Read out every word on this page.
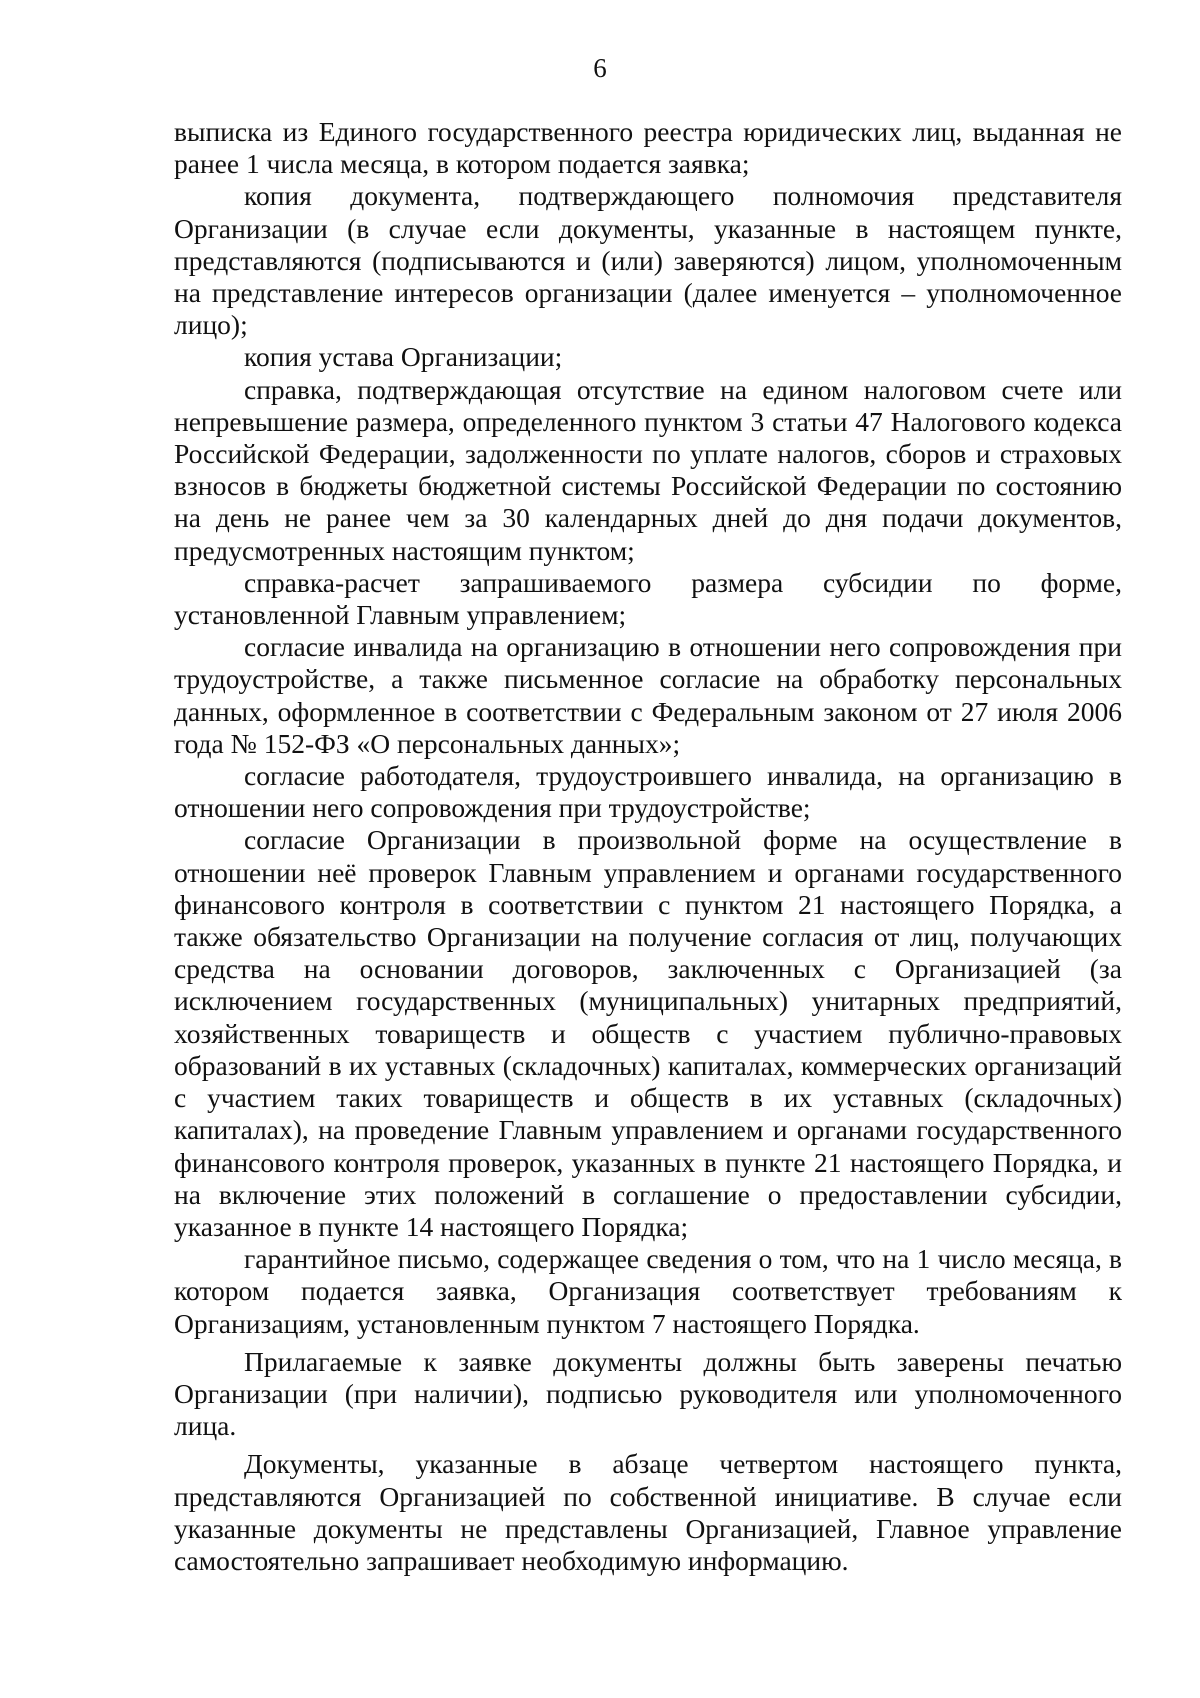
6

выписка из Единого государственного реестра юридических лиц, выданная не ранее 1 числа месяца, в котором подается заявка;

копия документа, подтверждающего полномочия представителя Организации (в случае если документы, указанные в настоящем пункте, представляются (подписываются и (или) заверяются) лицом, уполномоченным на представление интересов организации (далее именуется – уполномоченное лицо);

копия устава Организации;

справка, подтверждающая отсутствие на едином налоговом счете или непревышение размера, определенного пунктом 3 статьи 47 Налогового кодекса Российской Федерации, задолженности по уплате налогов, сборов и страховых взносов в бюджеты бюджетной системы Российской Федерации по состоянию на день не ранее чем за 30 календарных дней до дня подачи документов, предусмотренных настоящим пунктом;

справка-расчет запрашиваемого размера субсидии по форме, установленной Главным управлением;

согласие инвалида на организацию в отношении него сопровождения при трудоустройстве, а также письменное согласие на обработку персональных данных, оформленное в соответствии с Федеральным законом от 27 июля 2006 года № 152-ФЗ «О персональных данных»;

согласие работодателя, трудоустроившего инвалида, на организацию в отношении него сопровождения при трудоустройстве;

согласие Организации в произвольной форме на осуществление в отношении неё проверок Главным управлением и органами государственного финансового контроля в соответствии с пунктом 21 настоящего Порядка, а также обязательство Организации на получение согласия от лиц, получающих средства на основании договоров, заключенных с Организацией (за исключением государственных (муниципальных) унитарных предприятий, хозяйственных товариществ и обществ с участием публично-правовых образований в их уставных (складочных) капиталах, коммерческих организаций с участием таких товариществ и обществ в их уставных (складочных) капиталах), на проведение Главным управлением и органами государственного финансового контроля проверок, указанных в пункте 21 настоящего Порядка, и на включение этих положений в соглашение о предоставлении субсидии, указанное в пункте 14 настоящего Порядка;

гарантийное письмо, содержащее сведения о том, что на 1 число месяца, в котором подается заявка, Организация соответствует требованиям к Организациям, установленным пунктом 7 настоящего Порядка.

Прилагаемые к заявке документы должны быть заверены печатью Организации (при наличии), подписью руководителя или уполномоченного лица.

Документы, указанные в абзаце четвертом настоящего пункта, представляются Организацией по собственной инициативе. В случае если указанные документы не представлены Организацией, Главное управление самостоятельно запрашивает необходимую информацию.
